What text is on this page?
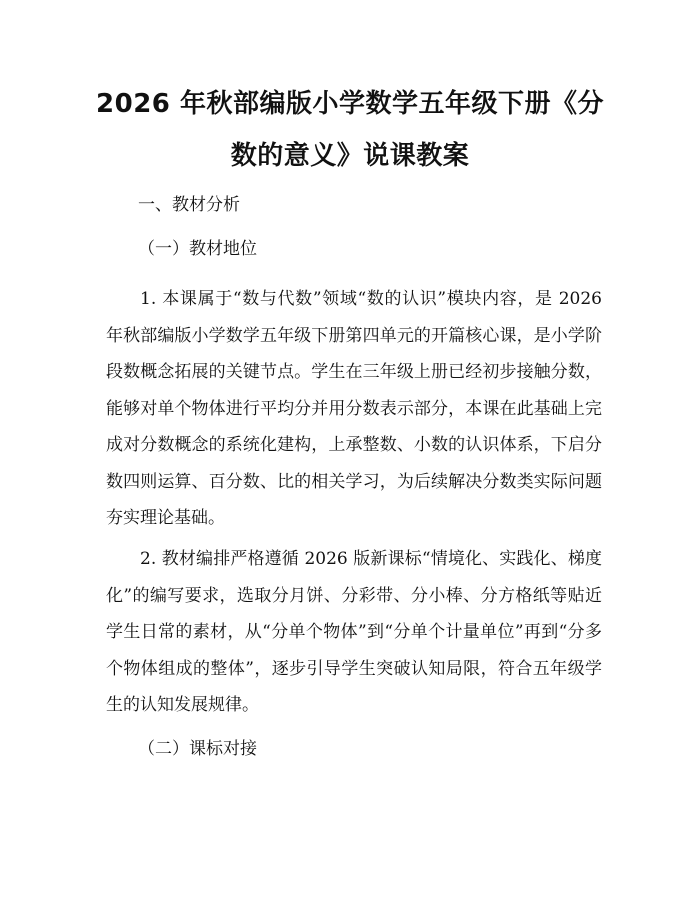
2026 年秋部编版小学数学五年级下册《分数的意义》说课教案
一、教材分析
（一）教材地位

1. 本课属于“数与代数”领域“数的认识”模块内容，是 2026 年秋部编版小学数学五年级下册第四单元的开篇核心课，是小学阶段数概念拓展的关键节点。学生在三年级上册已经初步接触分数，能够对单个物体进行平均分并用分数表示部分，本课在此基础上完成对分数概念的系统化建构，上承整数、小数的认识体系，下启分数四则运算、百分数、比的相关学习，为后续解决分数类实际问题夯实理论基础。

2. 教材编排严格遵循 2026 版新课标“情境化、实践化、梯度化”的编写要求，选取分月饼、分彩带、分小棒、分方格纸等贴近学生日常的素材，从“分单个物体”到“分单个计量单位”再到“分多个物体组成的整体”，逐步引导学生突破认知局限，符合五年级学生的认知发展规律。

（二）课标对接
